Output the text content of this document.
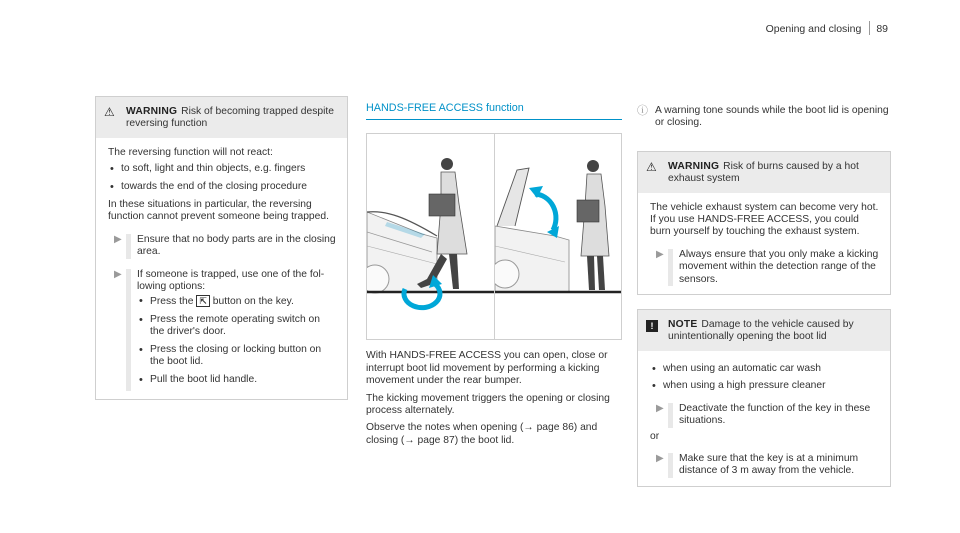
Opening and closing 89
⚠	WARNING Risk of becoming trapped despite reversing function

The reversing function will not react:

• to soft, light and thin objects, e.g. fingers
• towards the end of the closing procedure

In these situations in particular, the reversing function cannot prevent someone being trapped.

▶	Ensure that no body parts are in the closing area.
▶	If someone is trapped, use one of the following options:
• Press the ⇱ button on the key.
• Press the remote operating switch on the driver's door.
• Press the closing or locking button on the boot lid.
• Pull the boot lid handle.
HANDS-FREE ACCESS function

With HANDS-FREE ACCESS you can open, close or interrupt boot lid movement by performing a kicking movement under the rear bumper.

The kicking movement triggers the opening or closing process alternately.

Observe the notes when opening (→ page 86) and closing (→ page 87) the boot lid.

ⓘ A warning tone sounds while the boot lid is opening or closing.
⚠	WARNING Risk of burns caused by a hot exhaust system

The vehicle exhaust system can become very hot. If you use HANDS-FREE ACCESS, you could burn yourself by touching the exhaust system.

▶	Always ensure that you only make a kicking movement within the detection range of the sensors.
!	NOTE Damage to the vehicle caused by unintentionally opening the boot lid
• when using an automatic car wash
• when using a high pressure cleaner
▶	Deactivate the function of the key in these situations.

or

▶	Make sure that the key is at a minimum distance of 3 m away from the vehicle.
